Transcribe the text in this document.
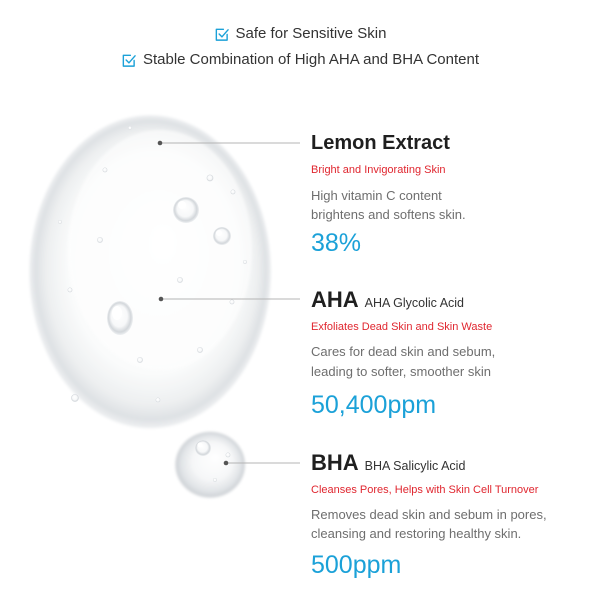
Safe for Sensitive Skin
Stable Combination of High AHA and BHA Content
Lemon Extract
Bright and Invigorating Skin
High vitamin C content
brightens and softens skin.
38%
AHA AHA Glycolic Acid
Exfoliates Dead Skin and Skin Waste
Cares for dead skin and sebum,
leading to softer, smoother skin
50,400ppm
BHA BHA Salicylic Acid
Cleanses Pores, Helps with Skin Cell Turnover
Removes dead skin and sebum in pores,
cleansing and restoring healthy skin.
500ppm
